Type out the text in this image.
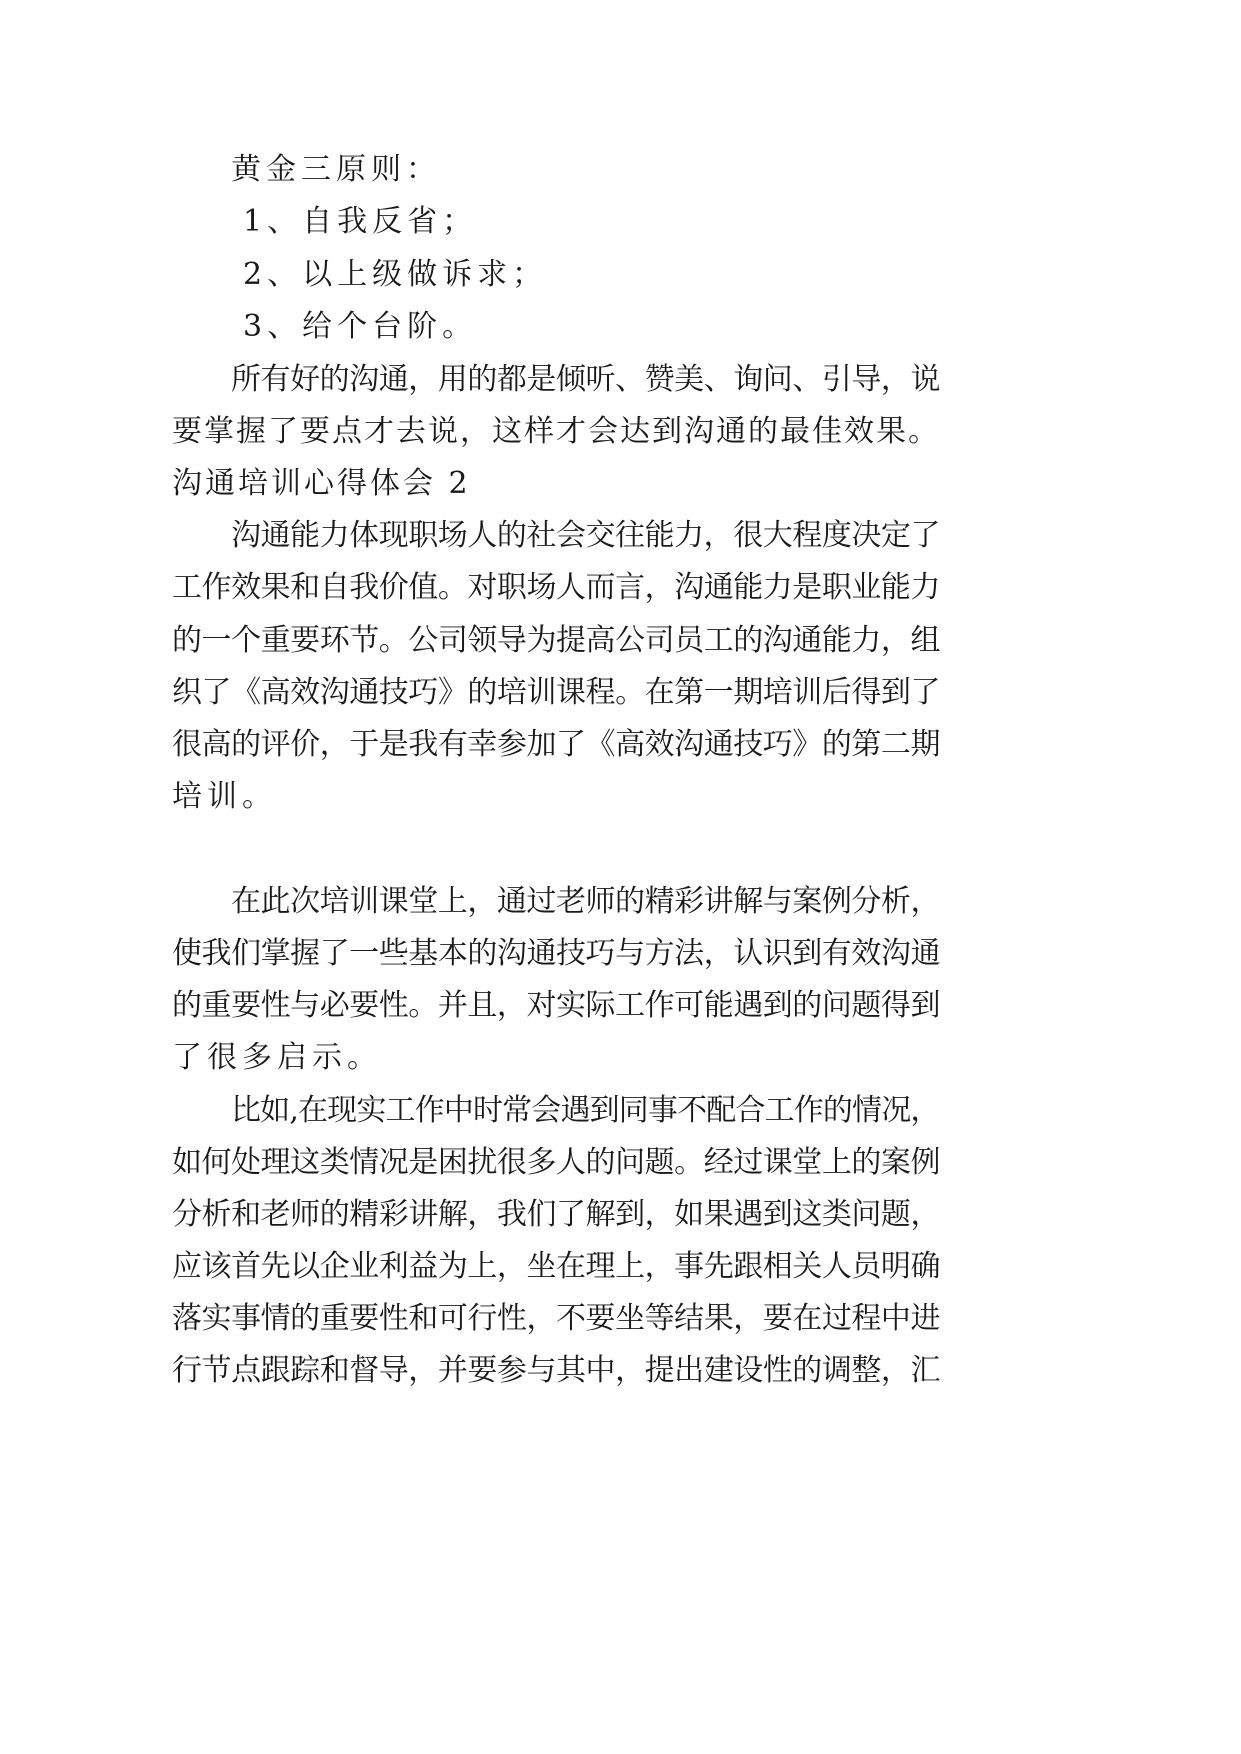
黄金三原则：
1、自我反省；
2、以上级做诉求；
3、给个台阶。
所有好的沟通，用的都是倾听、赞美、询问、引导，说
要掌握了要点才去说，这样才会达到沟通的最佳效果。
沟通培训心得体会 2
沟通能力体现职场人的社会交往能力，很大程度决定了
工作效果和自我价值。对职场人而言，沟通能力是职业能力
的一个重要环节。公司领导为提高公司员工的沟通能力，组
织了《高效沟通技巧》的培训课程。在第一期培训后得到了
很高的评价，于是我有幸参加了《高效沟通技巧》的第二期
培训。
在此次培训课堂上，通过老师的精彩讲解与案例分析，
使我们掌握了一些基本的沟通技巧与方法，认识到有效沟通
的重要性与必要性。并且，对实际工作可能遇到的问题得到
了很多启示。
比如,在现实工作中时常会遇到同事不配合工作的情况，
如何处理这类情况是困扰很多人的问题。经过课堂上的案例
分析和老师的精彩讲解，我们了解到，如果遇到这类问题，
应该首先以企业利益为上，坐在理上，事先跟相关人员明确
落实事情的重要性和可行性，不要坐等结果，要在过程中进
行节点跟踪和督导，并要参与其中，提出建设性的调整，汇
